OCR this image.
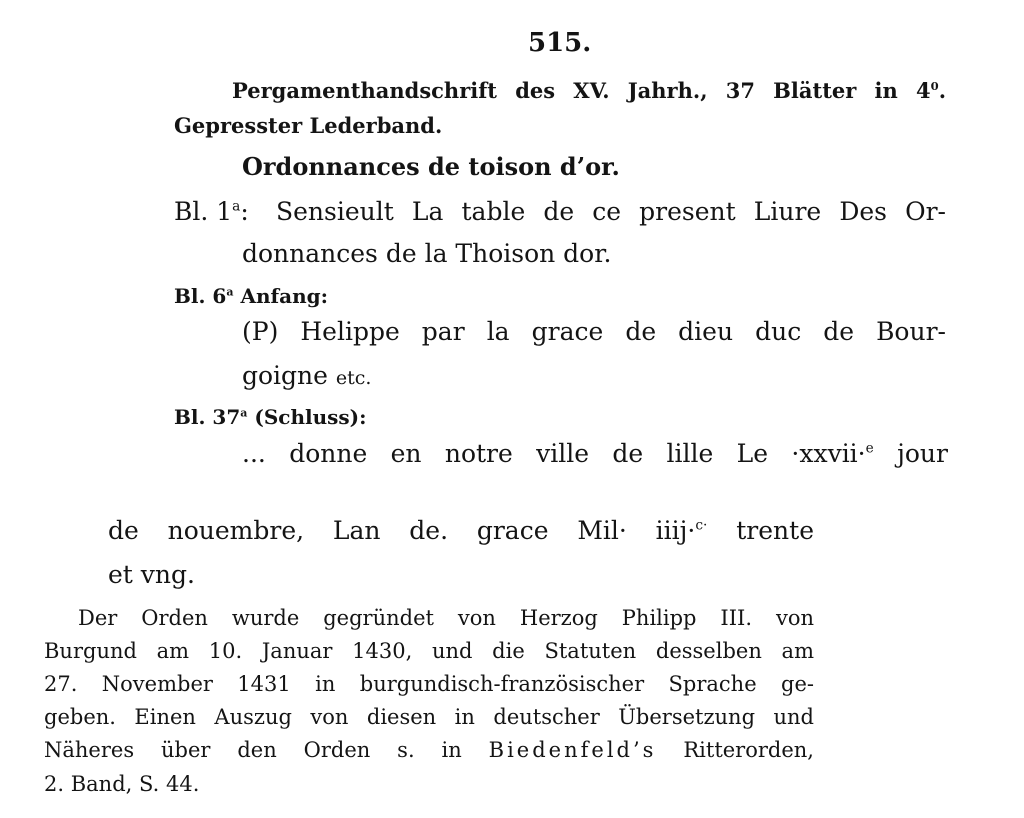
515.
Pergamenthandschrift des XV. Jahrh., 37 Blätter in $4^0$.
Gepresster Lederband.
Ordonnances de toison d’or.
Bl. 1$^a$: Sensieult La table de ce present Liure Des Or-
donnances de la Thoison dor.
Bl. 6$^a$ Anfang:
(P) Helippe par la grace de dieu duc de Bour-
goigne etc.
Bl. 37$^a$ (Schluss):
... donne en notre ville de lille Le ·xxvii·$^e$ jour
de nouembre, Lan de. grace Mil· iiij·$^{c\cdot}$ trente
et vng.
Der Orden wurde gegründet von Herzog Philipp III. von
Burgund am 10. Januar 1430, und die Statuten desselben am
27. November 1431 in burgundisch-französischer Sprache ge-
geben. Einen Auszug von diesen in deutscher Übersetzung und
Näheres über den Orden s. in Biedenfeld’s Ritterorden,
2. Band, S. 44.
